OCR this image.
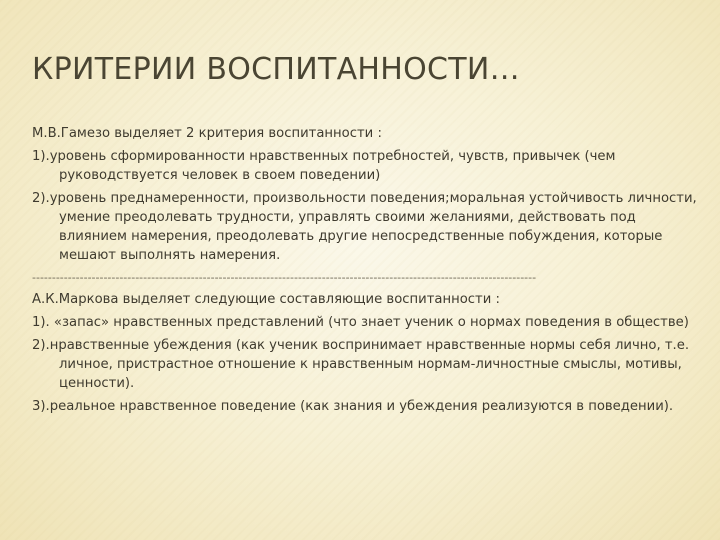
КРИТЕРИИ ВОСПИТАННОСТИ…

М.В.Гамезо выделяет 2 критерия воспитанности :

1).уровень сформированности нравственных потребностей, чувств, привычек (чем руководствуется человек в своем поведении)

2).уровень преднамеренности, произвольности поведения;моральная устойчивость личности, умение преодолевать трудности, управлять своими желаниями, действовать под влиянием намерения, преодолевать другие непосредственные побуждения, которые мешают выполнять намерения.

-------------------------------------------------------------------------------------------------------------------------------

А.К.Маркова выделяет следующие составляющие воспитанности :

1). «запас» нравственных представлений (что знает ученик о нормах поведения в обществе)

2).нравственные убеждения (как ученик воспринимает нравственные нормы себя лично, т.е. личное, пристрастное отношение к нравственным нормам-личностные смыслы, мотивы, ценности).

3).реальное нравственное поведение (как знания и убеждения реализуются в поведении).
